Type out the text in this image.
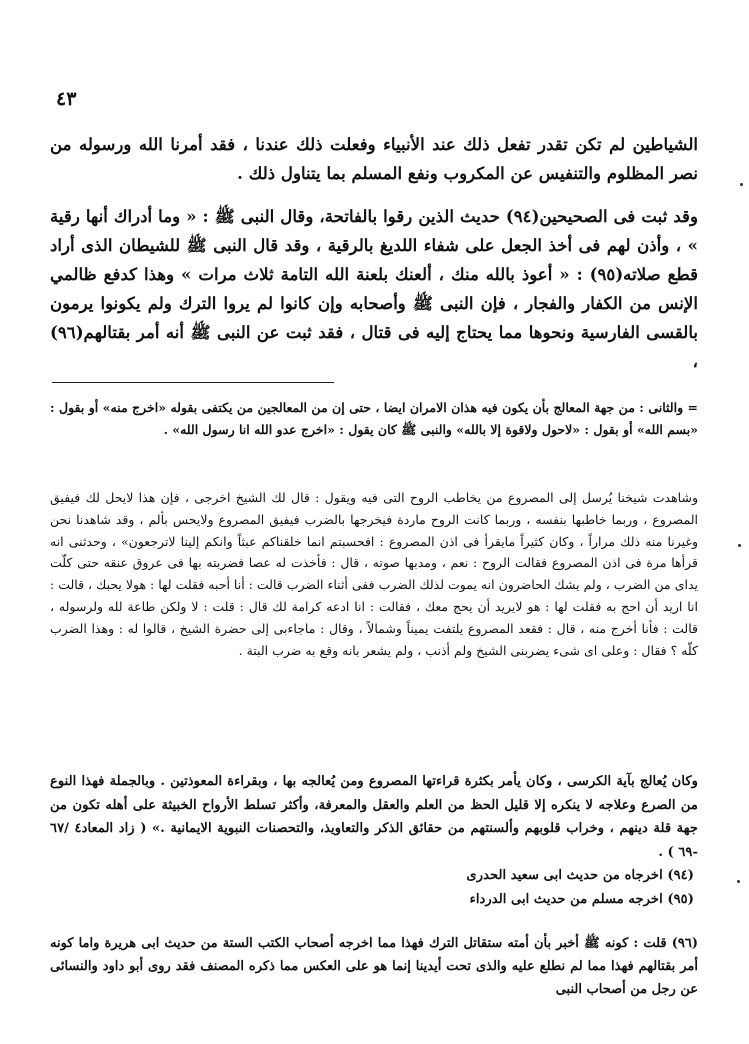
٤٣

الشياطين لم تكن تقدر تفعل ذلك عند الأنبياء وفعلت ذلك عندنا ، فقد أمرنا الله ورسوله من نصر المظلوم والتنفيس عن المكروب ونفع المسلم بما يتناول ذلك .

وقد ثبت فى الصحيحين(٩٤) حديث الذين رقوا بالفاتحة، وقال النبى ﷺ : « وما أدراك أنها رقية » ، وأذن لهم فى أخذ الجعل على شفاء اللديغ بالرقية ، وقد قال النبى ﷺ للشيطان الذى أراد قطع صلاته(٩٥) : « أعوذ بالله منك ، ألعنك بلعنة الله التامة ثلاث مرات » وهذا كدفع ظالمي الإنس من الكفار والفجار ، فإن النبى ﷺ وأصحابه وإن كانوا لم يروا الترك ولم يكونوا يرمون بالقسى الفارسية ونحوها مما يحتاج إليه فى قتال ، فقد ثبت عن النبى ﷺ أنه أمر بقتالهم(٩٦) ،

= والثانى : من جهة المعالج بأن يكون فيه هذان الامران ايضا ، حتى إن من المعالجين من يكتفى بقوله «اخرج منه» أو بقول : «بسم الله» أو بقول : «لاحول ولاقوة إلا بالله» والنبى ﷺ كان يقول : «اخرج عدو الله انا رسول الله» .

وشاهدت شيخنا يُرسل إلى المصروع من يخاطب الروح التى فيه ويقول : قال لك الشيخ اخرجى ، فإن هذا لايحل لك فيفيق المصروع ، وربما خاطبها بنفسه ، وربما كانت الروح ماردة فيخرجها بالضرب فيفيق المصروع ولايحس بألم ، وقد شاهدنا نحن وغيرنا منه ذلك مراراً ، وكان كثيراً مايقرأ فى اذن المصروع : افحسبتم انما خلقناكم عبثاً وانكم إلينا لاترجعون» ، وحدثنى انه قرأها مرة فى اذن المصروع فقالت الروح : نعم ، ومدبها صوته ، قال : فأخذت له عصا فضربته بها فى عروق عنقه حتى كلّت يداى من الضرب ، ولم يشك الحاضرون انه يموت لذلك الضرب ففى أثناء الضرب قالت : أنا أحبه فقلت لها : هولا يحبك ، قالت : انا اريد أن احج به فقلت لها : هو لايريد أن يحج معك ، فقالت : انا ادعه كرامة لك قال : قلت : لا ولكن طاعة لله ولرسوله ، قالت : فأنا أخرج منه ، قال : فقعد المصروع يلتفت يميناً وشمالاً ، وقال : ماجاءبى إلى حضرة الشيخ ، قالوا له : وهذا الضرب كلّه ؟ فقال : وعلى اى شىء يضربنى الشيخ ولم أذنب ، ولم يشعر بانه وقع به ضرب البتة .

وكان يُعالج بآية الكرسى ، وكان يأمر بكثرة قراءتها المصروع ومن يُعالجه بها ، وبقراءة المعوذتين . وبالجملة فهذا النوع من الصرع وعلاجه لا ينكره إلا قليل الحظ من العلم والعقل والمعرفة، وأكثر تسلط الأرواح الخبيثة على أهله تكون من جهة قلة دينهم ، وخراب قلوبهم وألسنتهم من حقائق الذكر والتعاويذ، والتحصنات النبوية الايمانية .» ( زاد المعاد٤ /٦٧ -٦٩ ) .

(٩٤) اخرجاه من حديث ابى سعيد الحدرى

(٩٥) اخرجه مسلم من حديث ابى الدرداء

(٩٦) قلت : كونه ﷺ أخبر بأن أمته ستقاتل الترك فهذا مما اخرجه أصحاب الكتب الستة من حديث ابى هريرة واما كونه أمر بقتالهم فهذا مما لم نطلع عليه والذى تحت أيدينا إنما هو على العكس مما ذكره المصنف فقد روى أبو داود والنسائى عن رجل من أصحاب النبى
